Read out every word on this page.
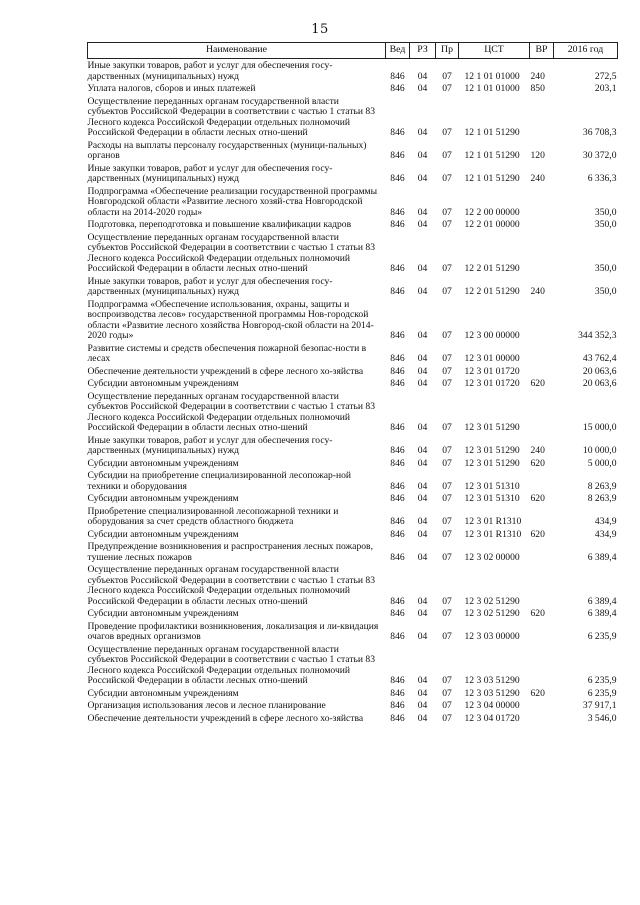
15
Наименование	Вед	РЗ	Пр	ЦСТ	ВР	2016 год
Иные закупки товаров, работ и услуг для обеспечения госу-дарственных (муниципальных) нужд	846	04	07	12 1 01 01000	240	272,5
Уплата налогов, сборов и иных платежей	846	04	07	12 1 01 01000	850	203,1
Осуществление переданных органам государственной власти субъектов Российской Федерации в соответствии с частью 1 статьи 83 Лесного кодекса Российской Федерации отдельных полномочий Российской Федерации в области лесных отно-шений	846	04	07	12 1 01 51290		36 708,3
Расходы на выплаты персоналу государственных (муници-пальных) органов	846	04	07	12 1 01 51290	120	30 372,0
Иные закупки товаров, работ и услуг для обеспечения госу-дарственных (муниципальных) нужд	846	04	07	12 1 01 51290	240	6 336,3
Подпрограмма «Обеспечение реализации государственной программы Новгородской области «Развитие лесного хозяй-ства Новгородской области на 2014-2020 годы»	846	04	07	12 2 00 00000		350,0
Подготовка, переподготовка и повышение квалификации кадров	846	04	07	12 2 01 00000		350,0
Осуществление переданных органам государственной власти субъектов Российской Федерации в соответствии с частью 1 статьи 83 Лесного кодекса Российской Федерации отдельных полномочий Российской Федерации в области лесных отно-шений	846	04	07	12 2 01 51290		350,0
Иные закупки товаров, работ и услуг для обеспечения госу-дарственных (муниципальных) нужд	846	04	07	12 2 01 51290	240	350,0
Подпрограмма «Обеспечение использования, охраны, защиты и воспроизводства лесов» государственной программы Нов-городской области «Развитие лесного хозяйства Новгород-ской области на 2014-2020 годы»	846	04	07	12 3 00 00000		344 352,3
Развитие системы и средств обеспечения пожарной безопас-ности в лесах	846	04	07	12 3 01 00000		43 762,4
Обеспечение деятельности учреждений в сфере лесного хо-зяйства	846	04	07	12 3 01 01720		20 063,6
Субсидии автономным учреждениям	846	04	07	12 3 01 01720	620	20 063,6
Осуществление переданных органам государственной власти субъектов Российской Федерации в соответствии с частью 1 статьи 83 Лесного кодекса Российской Федерации отдельных полномочий Российской Федерации в области лесных отно-шений	846	04	07	12 3 01 51290		15 000,0
Иные закупки товаров, работ и услуг для обеспечения госу-дарственных (муниципальных) нужд	846	04	07	12 3 01 51290	240	10 000,0
Субсидии автономным учреждениям	846	04	07	12 3 01 51290	620	5 000,0
Субсидии на приобретение специализированной лесопожар-ной техники и оборудования	846	04	07	12 3 01 51310		8 263,9
Субсидии автономным учреждениям	846	04	07	12 3 01 51310	620	8 263,9
Приобретение специализированной лесопожарной техники и оборудования за счет средств областного бюджета	846	04	07	12 3 01 R1310		434,9
Субсидии автономным учреждениям	846	04	07	12 3 01 R1310	620	434,9
Предупреждение возникновения и распространения лесных пожаров, тушение лесных пожаров	846	04	07	12 3 02 00000		6 389,4
Осуществление переданных органам государственной власти субъектов Российской Федерации в соответствии с частью 1 статьи 83 Лесного кодекса Российской Федерации отдельных полномочий Российской Федерации в области лесных отно-шений	846	04	07	12 3 02 51290		6 389,4
Субсидии автономным учреждениям	846	04	07	12 3 02 51290	620	6 389,4
Проведение профилактики возникновения, локализация и ли-квидация очагов вредных организмов	846	04	07	12 3 03 00000		6 235,9
Осуществление переданных органам государственной власти субъектов Российской Федерации в соответствии с частью 1 статьи 83 Лесного кодекса Российской Федерации отдельных полномочий Российской Федерации в области лесных отно-шений	846	04	07	12 3 03 51290		6 235,9
Субсидии автономным учреждениям	846	04	07	12 3 03 51290	620	6 235,9
Организация использования лесов и лесное планирование	846	04	07	12 3 04 00000		37 917,1
Обеспечение деятельности учреждений в сфере лесного хо-зяйства	846	04	07	12 3 04 01720		3 546,0
